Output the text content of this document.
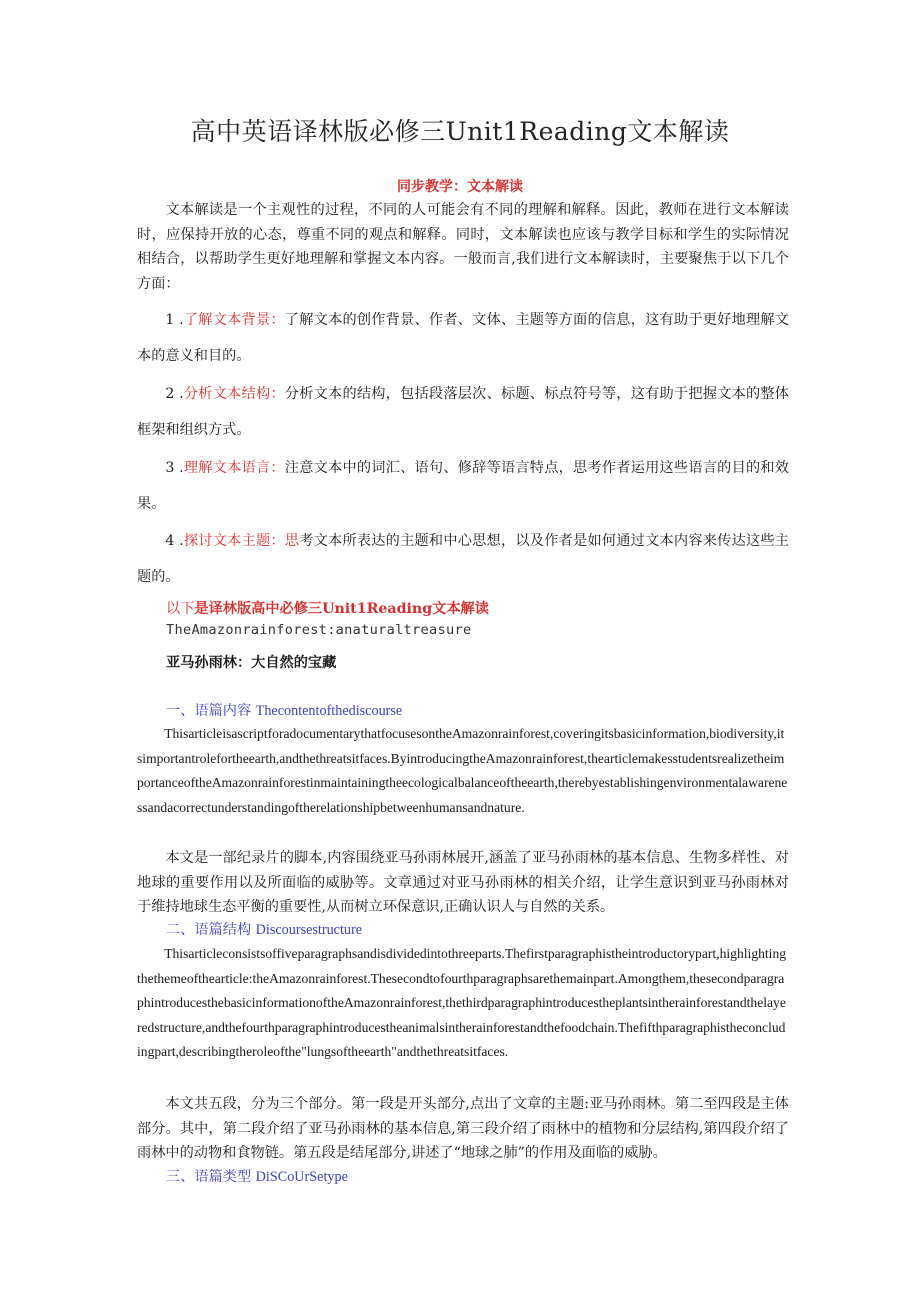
高中英语译林版必修三Unit1Reading文本解读
同步教学：文本解读
文本解读是一个主观性的过程，不同的人可能会有不同的理解和解释。因此，教师在进行文本解读时，应保持开放的心态，尊重不同的观点和解释。同时，文本解读也应该与教学目标和学生的实际情况相结合，以帮助学生更好地理解和掌握文本内容。一般而言,我们进行文本解读时，主要聚焦于以下几个方面：
1 .了解文本背景：了解文本的创作背景、作者、文体、主题等方面的信息，这有助于更好地理解文本的意义和目的。
2 .分析文本结构：分析文本的结构，包括段落层次、标题、标点符号等，这有助于把握文本的整体框架和组织方式。
3 .理解文本语言：注意文本中的词汇、语句、修辞等语言特点，思考作者运用这些语言的目的和效果。
4 .探讨文本主题：思考文本所表达的主题和中心思想，以及作者是如何通过文本内容来传达这些主题的。
以下是译林版高中必修三Unit1Reading文本解读
TheAmazonrainforest:anaturaltreasure
亚马孙雨林：大自然的宝藏
一、语篇内容 Thecontentofthediscourse
Thisarticleisascriptforadocumentarythatfocusesonthe​Amazonrainforest,coveringitsbasicinformation,biodiversity,itsimportantrolefortheearth,andthethreatsitfaces.ByintroducingtheAmazonrainforest,thearticlemakesstudentsrealizetheimportanceoftheAmazonrainforestinmaintainingtheecologicalbalanceoftheearth,therebyestablishingenvironmentalawarenessandacorrectunderstandingoftherelationshipbetweenhumansandnature.
本文是一部纪录片的脚本,内容围绕亚马孙雨林展开,涵盖了亚马孙雨林的基本信息、生物多样性、对地球的重要作用以及所面临的威胁等。文章通过对亚马孙雨林的相关介绍，让学生意识到亚马孙雨林对于维持地球生态平衡的重要性,从而树立环保意识,正确认识人与自然的关系。
二、语篇结构 Discoursestructure
Thisarticleconsistsoffiveparagraphsandisdividedintothreeparts.Thefirstparagraphistheintroductorypart,highlightingthethemeofthearticle:theAmazonrainforest.Thesecondtofourthparagraphsarethemainpart.Amongthem,thesecondparagraphintroducesthebasicinformationoftheAmazonrainforest,thethirdparagraphintroducestheplantsintherainforestandthelayeredstructure,andthefourthparagraphintroducestheanimalsintherainforestandthefoodchain.Thefifthparagraphistheconcludingpart,describingtheroleofthe"lungsoftheearth"andthethreatsitfaces.
本文共五段，分为三个部分。第一段是开头部分,点出了文章的主题:亚马孙雨林。第二至四段是主体部分。其中，第二段介绍了亚马孙雨林的基本信息,第三段介绍了雨林中的植物和分层结构,第四段介绍了雨林中的动物和食物链。第五段是结尾部分,讲述了“地球之肺”的作用及面临的威胁。
三、语篇类型 DiSCoUrSetype
